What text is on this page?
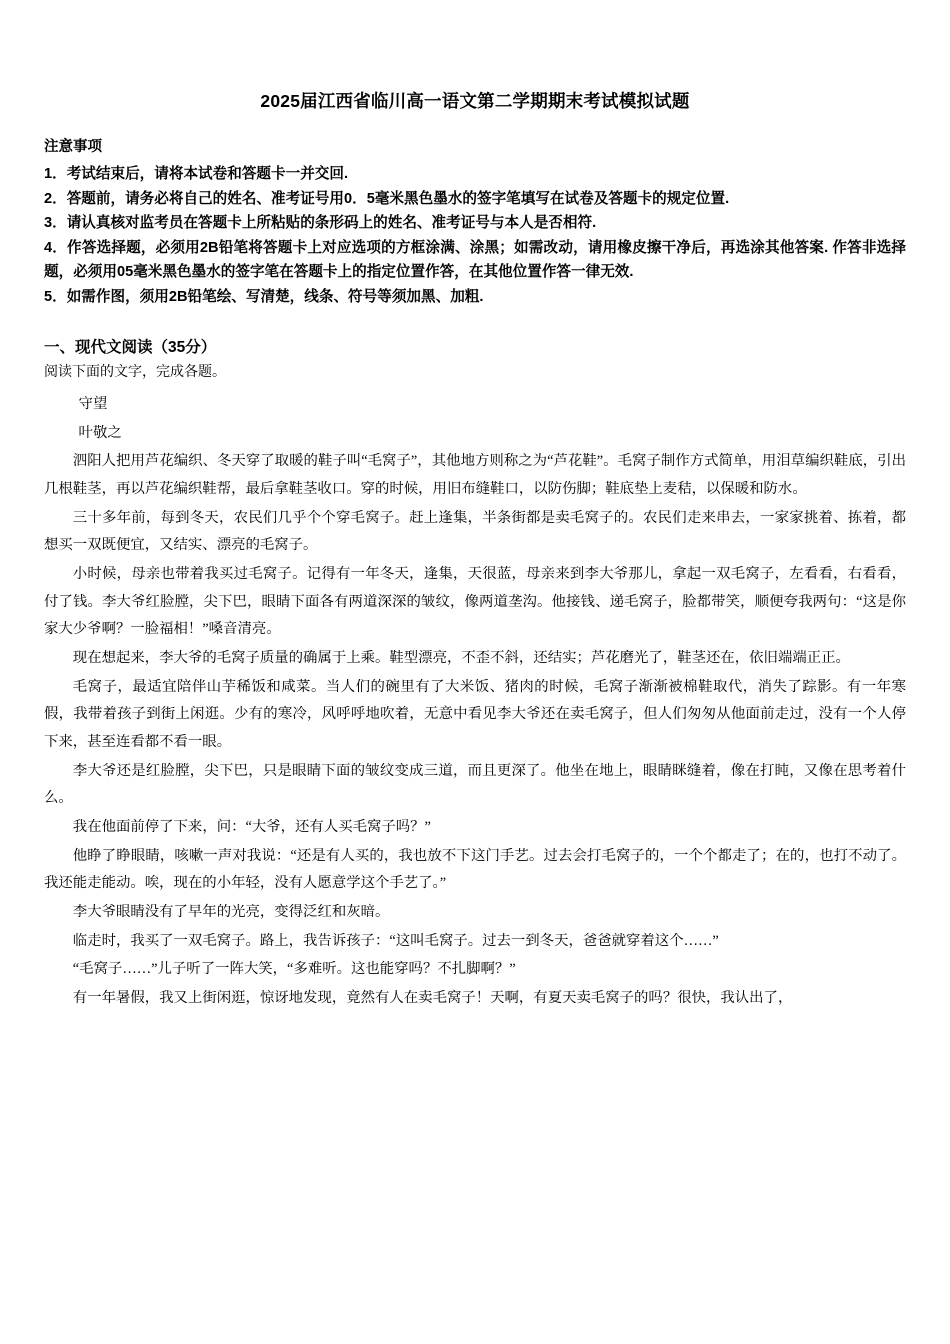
2025届江西省临川高一语文第二学期期末考试模拟试题
注意事项
1．考试结束后，请将本试卷和答题卡一并交回.
2．答题前，请务必将自己的姓名、准考证号用0．5毫米黑色墨水的签字笔填写在试卷及答题卡的规定位置.
3．请认真核对监考员在答题卡上所粘贴的条形码上的姓名、准考证号与本人是否相符.
4．作答选择题，必须用2B铅笔将答题卡上对应选项的方框涂满、涂黑；如需改动，请用橡皮擦干净后，再选涂其他答案. 作答非选择题，必须用05毫米黑色墨水的签字笔在答题卡上的指定位置作答，在其他位置作答一律无效.
5．如需作图，须用2B铅笔绘、写清楚，线条、符号等须加黑、加粗.
一、现代文阅读（35分）
阅读下面的文字，完成各题。

守望

叶敬之

泗阳人把用芦花编织、冬天穿了取暖的鞋子叫“毛窝子”，其他地方则称之为“芦花鞋”。毛窝子制作方式简单，用泪草编织鞋底，引出几根鞋茎，再以芦花编织鞋帮，最后拿鞋茎收口。穿的时候，用旧布缝鞋口，以防伤脚；鞋底垫上麦秸，以保暖和防水。

三十多年前，每到冬天，农民们几乎个个穿毛窝子。赶上逢集，半条街都是卖毛窝子的。农民们走来串去，一家家挑着、拣着，都想买一双既便宜，又结实、漂亮的毛窝子。

小时候，母亲也带着我买过毛窝子。记得有一年冬天，逢集，天很蓝，母亲来到李大爷那儿，拿起一双毛窝子，左看看，右看看，付了钱。李大爷红脸膛，尖下巴，眼睛下面各有两道深深的皱纹，像两道垄沟。他接钱、递毛窝子，脸都带笑，顺便夸我两句：“这是你家大少爷啊？一脸福相！”嗓音清亮。

现在想起来，李大爷的毛窝子质量的确属于上乘。鞋型漂亮，不歪不斜，还结实；芦花磨光了，鞋茎还在，依旧端端正正。

毛窝子，最适宜陪伴山芋稀饭和咸菜。当人们的碗里有了大米饭、猪肉的时候，毛窝子渐渐被棉鞋取代，消失了踪影。有一年寒假，我带着孩子到街上闲逛。少有的寒冷，风呼呼地吹着，无意中看见李大爷还在卖毛窝子，但人们匆匆从他面前走过，没有一个人停下来，甚至连看都不看一眼。

李大爷还是红脸膛，尖下巴，只是眼睛下面的皱纹变成三道，而且更深了。他坐在地上，眼睛眯缝着，像在打盹，又像在思考着什么。

我在他面前停了下来，问：“大爷，还有人买毛窝子吗？”

他睁了睁眼睛，咳嗽一声对我说：“还是有人买的，我也放不下这门手艺。过去会打毛窝子的，一个个都走了；在的，也打不动了。我还能走能动。唉，现在的小年轻，没有人愿意学这个手艺了。”

李大爷眼睛没有了早年的光亮，变得泛红和灰暗。

临走时，我买了一双毛窝子。路上，我告诉孩子：“这叫毛窝子。过去一到冬天，爸爸就穿着这个……”

“毛窝子……”儿子听了一阵大笑，“多难听。这也能穿吗？不扎脚啊？”

有一年暑假，我又上街闲逛，惊讶地发现，竟然有人在卖毛窝子！天啊，有夏天卖毛窝子的吗？很快，我认出了，
